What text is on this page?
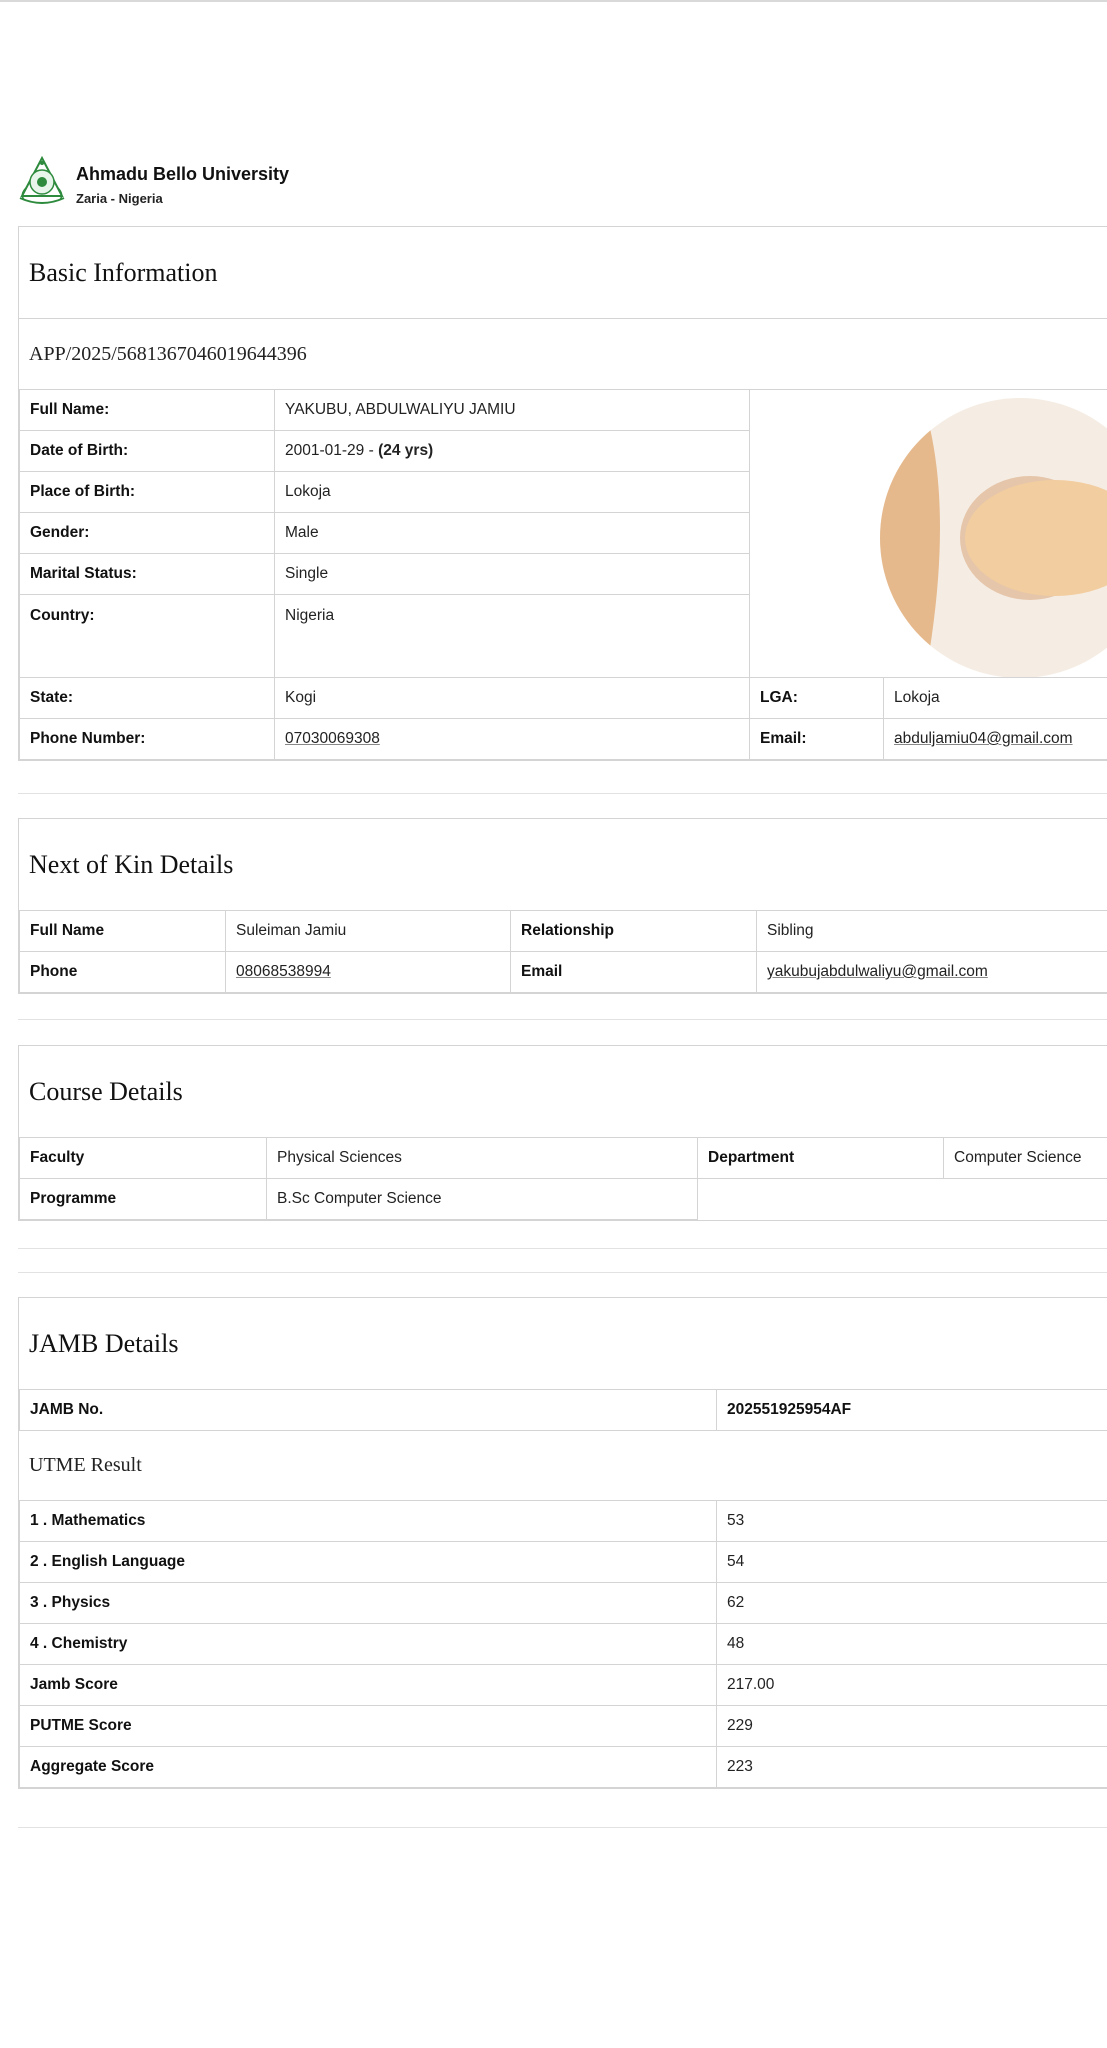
Ahmadu Bello University
Zaria - Nigeria
Basic Information
APP/2025/5681367046019644396
Full Name:	YAKUBU, ABDULWALIYU JAMIU	

Date of Birth:	2001-01-29 - (24 yrs)		
Place of Birth:	Lokoja		
Gender:	Male		
Marital Status:	Single		
Country:	Nigeria		
State:	Kogi	LGA:	Lokoja
Phone Number:	07030069308	Email:	abduljamiu04@gmail.com
Next of Kin Details
Full Name	Suleiman Jamiu	Relationship	Sibling
Phone	08068538994	Email	yakubujabdulwaliyu@gmail.com
Course Details
Faculty	Physical Sciences	Department	Computer Science
Programme	B.Sc Computer Science		
JAMB Details
JAMB No.	202551925954AF
UTME Result
1 . Mathematics	53
2 . English Language	54
3 . Physics	62
4 . Chemistry	48
Jamb Score	217.00
PUTME Score	229
Aggregate Score	223
